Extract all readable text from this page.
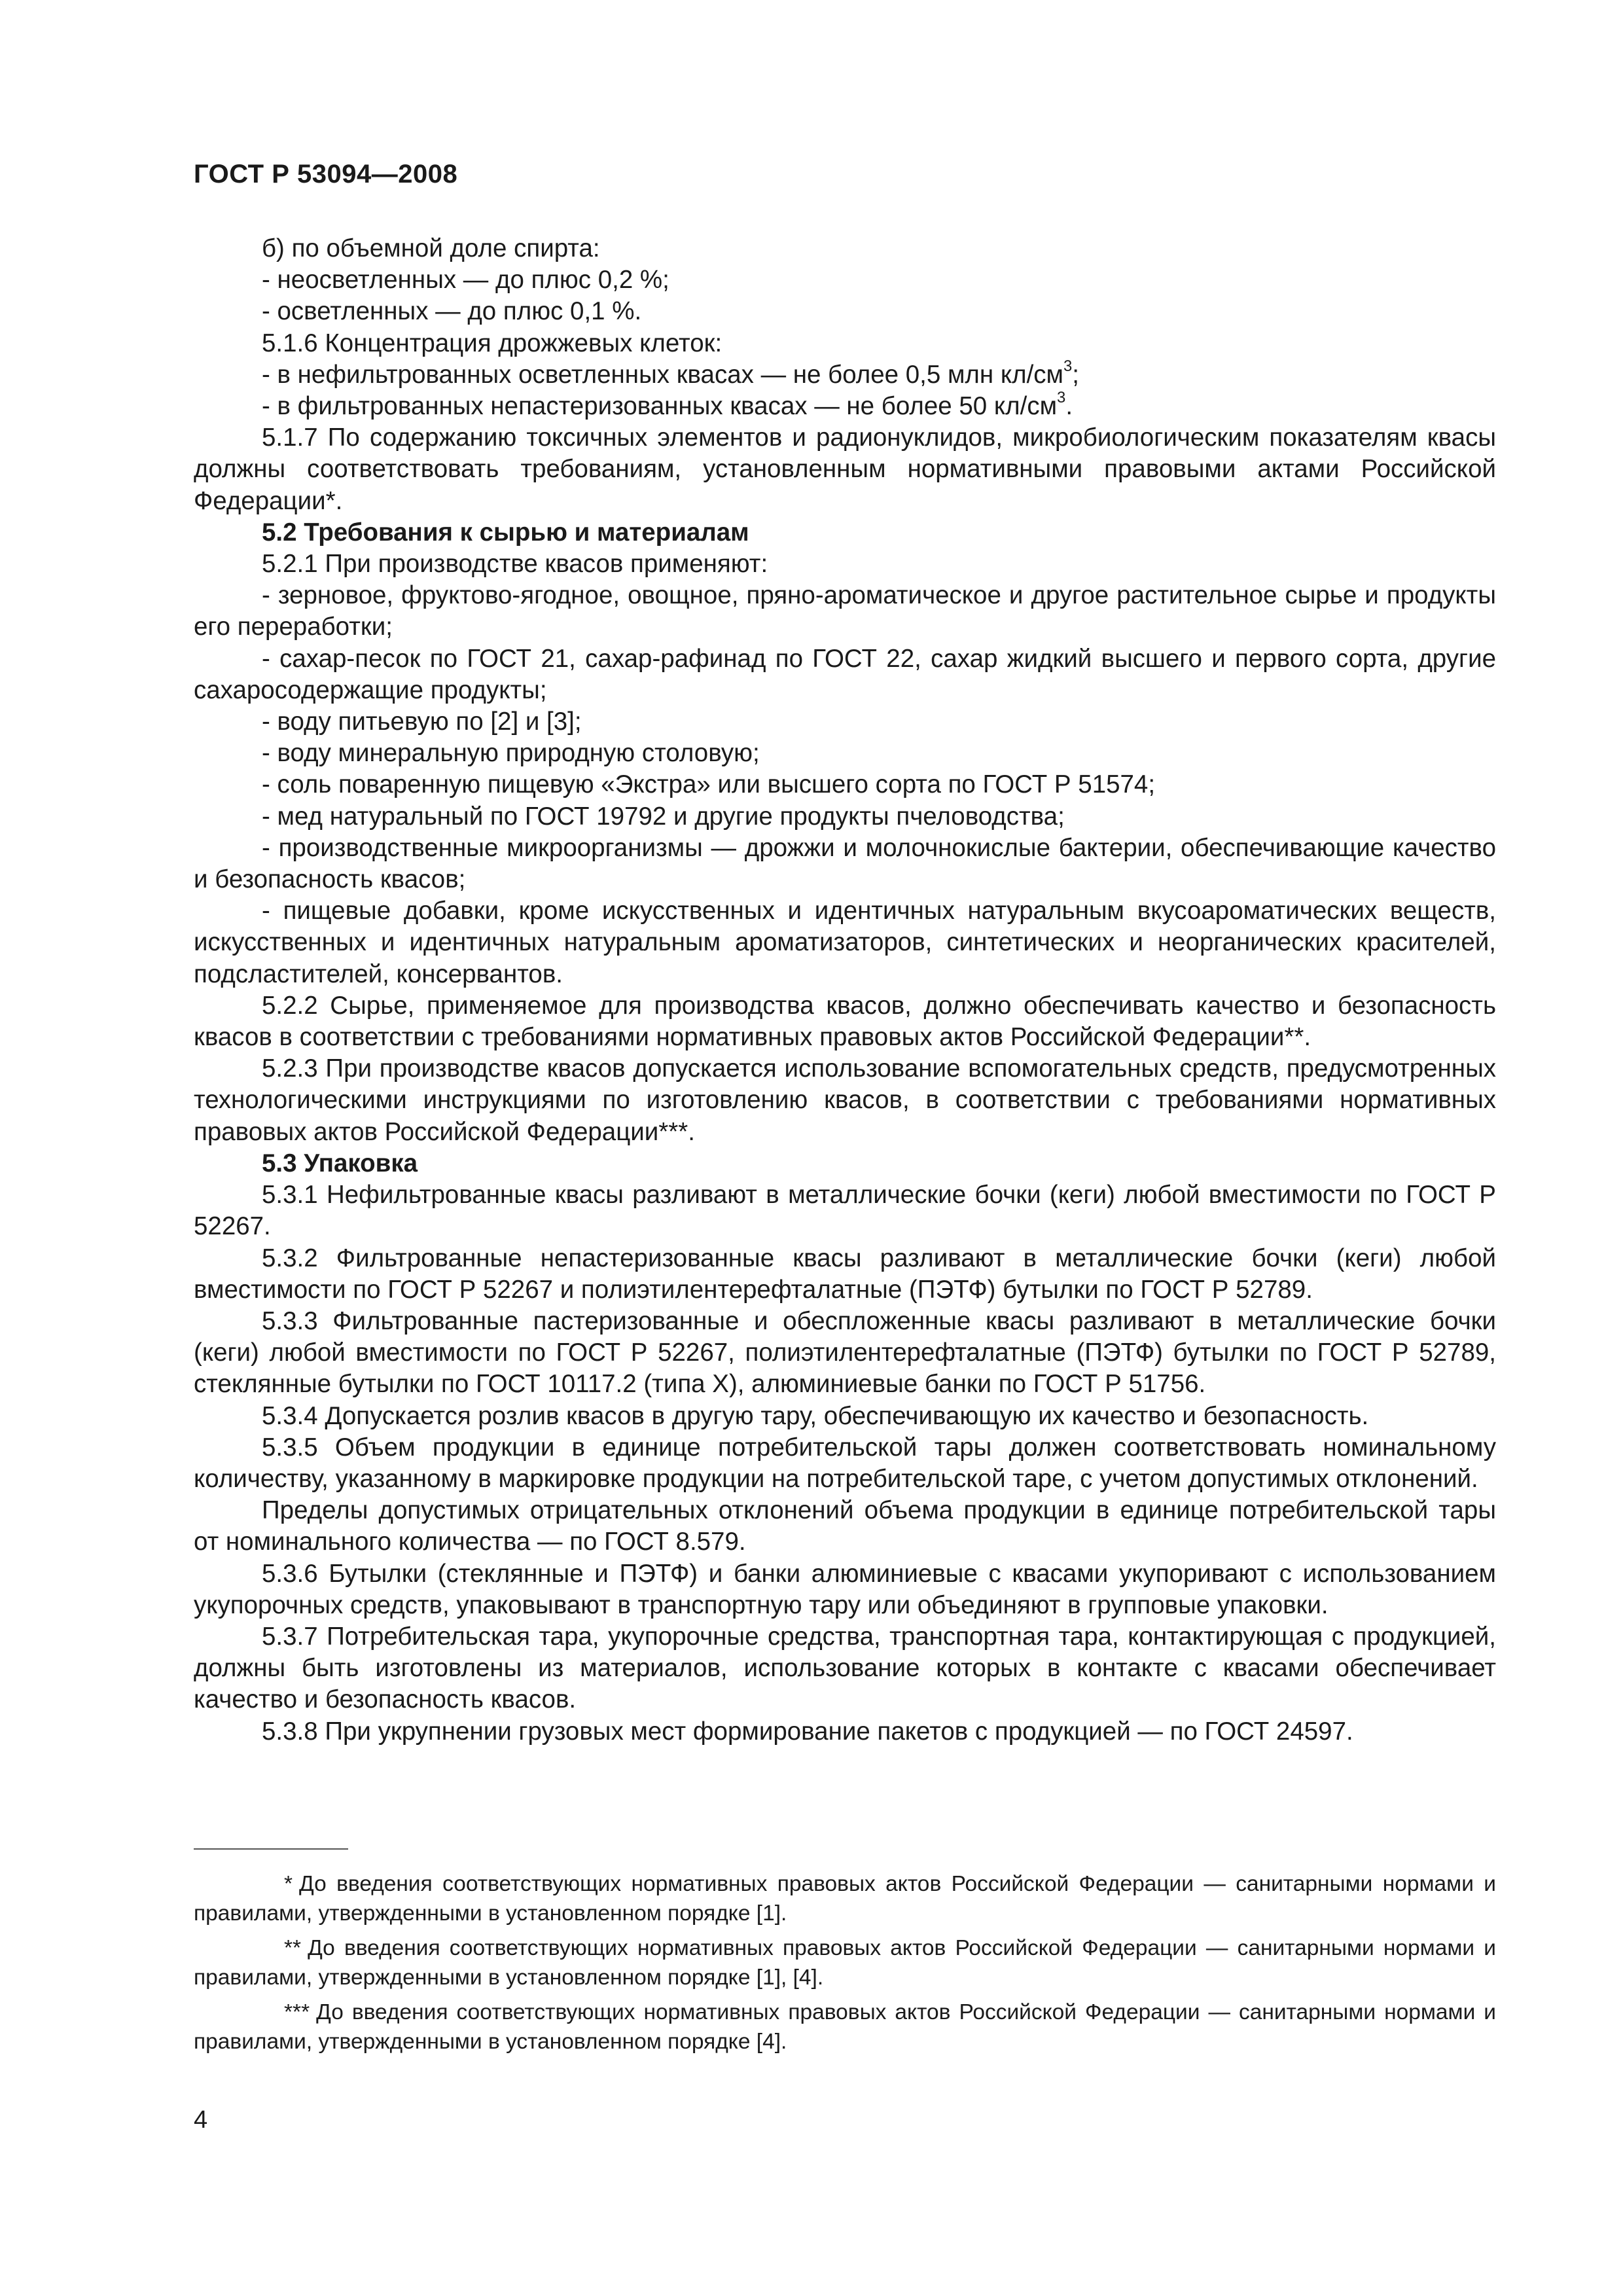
ГОСТ Р 53094—2008

б) по объемной доле спирта:

- неосветленных — до плюс 0,2 %;

- осветленных — до плюс 0,1 %.

5.1.6 Концентрация дрожжевых клеток:

- в нефильтрованных осветленных квасах — не более 0,5 млн $кл/см^3$;

- в фильтрованных непастеризованных квасах — не более 50 $кл/см^3$.

5.1.7 По содержанию токсичных элементов и радионуклидов, микробиологическим показателям квасы должны соответствовать требованиям, установленным нормативными правовыми актами Российской Федерации*.

5.2 Требования к сырью и материалам

5.2.1 При производстве квасов применяют:

- зерновое, фруктово-ягодное, овощное, пряно-ароматическое и другое растительное сырье и продукты его переработки;

- сахар-песок по ГОСТ 21, сахар-рафинад по ГОСТ 22, сахар жидкий высшего и первого сорта, другие сахаросодержащие продукты;

- воду питьевую по [2] и [3];

- воду минеральную природную столовую;

- соль поваренную пищевую «Экстра» или высшего сорта по ГОСТ Р 51574;

- мед натуральный по ГОСТ 19792 и другие продукты пчеловодства;

- производственные микроорганизмы — дрожжи и молочнокислые бактерии, обеспечивающие качество и безопасность квасов;

- пищевые добавки, кроме искусственных и идентичных натуральным вкусоароматических веществ, искусственных и идентичных натуральным ароматизаторов, синтетических и неорганических красителей, подсластителей, консервантов.

5.2.2 Сырье, применяемое для производства квасов, должно обеспечивать качество и безопасность квасов в соответствии с требованиями нормативных правовых актов Российской Федерации**.

5.2.3 При производстве квасов допускается использование вспомогательных средств, предусмотренных технологическими инструкциями по изготовлению квасов, в соответствии с требованиями нормативных правовых актов Российской Федерации***.

5.3 Упаковка

5.3.1 Нефильтрованные квасы разливают в металлические бочки (кеги) любой вместимости по ГОСТ Р 52267.

5.3.2 Фильтрованные непастеризованные квасы разливают в металлические бочки (кеги) любой вместимости по ГОСТ Р 52267 и полиэтилентерефталатные (ПЭТФ) бутылки по ГОСТ Р 52789.

5.3.3 Фильтрованные пастеризованные и обеспложенные квасы разливают в металлические бочки (кеги) любой вместимости по ГОСТ Р 52267, полиэтилентерефталатные (ПЭТФ) бутылки по ГОСТ Р 52789, стеклянные бутылки по ГОСТ 10117.2 (типа X), алюминиевые банки по ГОСТ Р 51756.

5.3.4 Допускается розлив квасов в другую тару, обеспечивающую их качество и безопасность.

5.3.5 Объем продукции в единице потребительской тары должен соответствовать номинальному количеству, указанному в маркировке продукции на потребительской таре, с учетом допустимых отклонений.

Пределы допустимых отрицательных отклонений объема продукции в единице потребительской тары от номинального количества — по ГОСТ 8.579.

5.3.6 Бутылки (стеклянные и ПЭТФ) и банки алюминиевые с квасами укупоривают с использованием укупорочных средств, упаковывают в транспортную тару или объединяют в групповые упаковки.

5.3.7 Потребительская тара, укупорочные средства, транспортная тара, контактирующая с продукцией, должны быть изготовлены из материалов, использование которых в контакте с квасами обеспечивает качество и безопасность квасов.

5.3.8 При укрупнении грузовых мест формирование пакетов с продукцией — по ГОСТ 24597.

* До введения соответствующих нормативных правовых актов Российской Федерации — санитарными нормами и правилами, утвержденными в установленном порядке [1].

** До введения соответствующих нормативных правовых актов Российской Федерации — санитарными нормами и правилами, утвержденными в установленном порядке [1], [4].

*** До введения соответствующих нормативных правовых актов Российской Федерации — санитарными нормами и правилами, утвержденными в установленном порядке [4].

4
